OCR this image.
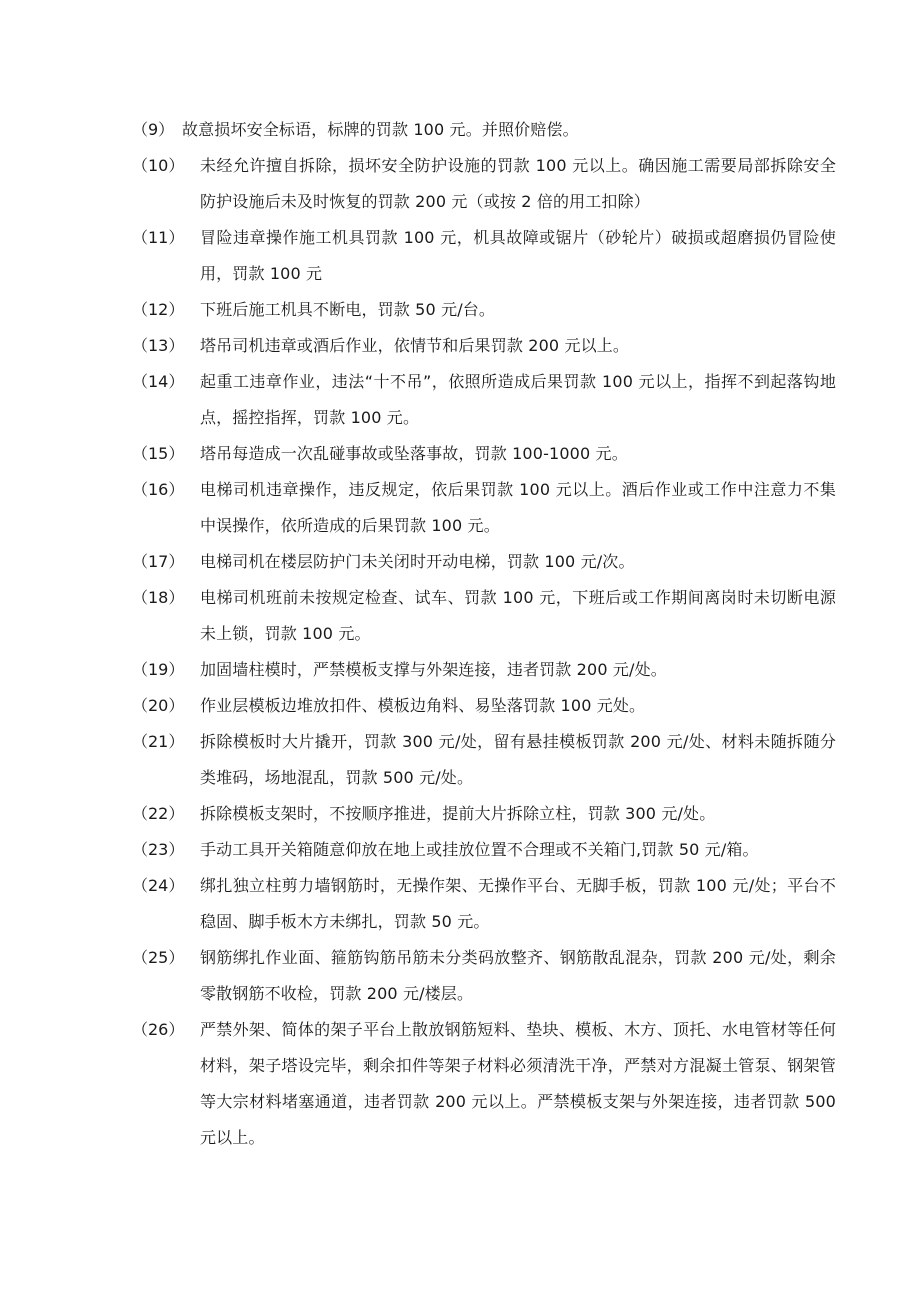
（9） 故意损坏安全标语，标牌的罚款 100 元。并照价赔偿。
（10） 未经允许擅自拆除，损坏安全防护设施的罚款 100 元以上。确因施工需要局部拆除安全防护设施后未及时恢复的罚款 200 元（或按 2 倍的用工扣除）
（11） 冒险违章操作施工机具罚款 100 元，机具故障或锯片（砂轮片）破损或超磨损仍冒险使用，罚款 100 元
（12） 下班后施工机具不断电，罚款 50 元/台。
（13） 塔吊司机违章或酒后作业，依情节和后果罚款 200 元以上。
（14） 起重工违章作业，违法“十不吊”，依照所造成后果罚款 100 元以上，指挥不到起落钩地点，摇控指挥，罚款 100 元。
（15） 塔吊每造成一次乱碰事故或坠落事故，罚款 100-1000 元。
（16） 电梯司机违章操作，违反规定，依后果罚款 100 元以上。酒后作业或工作中注意力不集中误操作，依所造成的后果罚款 100 元。
（17） 电梯司机在楼层防护门未关闭时开动电梯，罚款 100 元/次。
（18） 电梯司机班前未按规定检查、试车、罚款 100 元，下班后或工作期间离岗时未切断电源未上锁，罚款 100 元。
（19） 加固墙柱模时，严禁模板支撑与外架连接，违者罚款 200 元/处。
（20） 作业层模板边堆放扣件、模板边角料、易坠落罚款 100 元处。
（21） 拆除模板时大片撬开，罚款 300 元/处，留有悬挂模板罚款 200 元/处、材料未随拆随分类堆码，场地混乱，罚款 500 元/处。
（22） 拆除模板支架时，不按顺序推进，提前大片拆除立柱，罚款 300 元/处。
（23） 手动工具开关箱随意仰放在地上或挂放位置不合理或不关箱门,罚款 50 元/箱。
（24） 绑扎独立柱剪力墙钢筋时，无操作架、无操作平台、无脚手板，罚款 100 元/处；平台不稳固、脚手板木方未绑扎，罚款 50 元。
（25） 钢筋绑扎作业面、箍筋钩筋吊筋未分类码放整齐、钢筋散乱混杂，罚款 200 元/处，剩余零散钢筋不收检，罚款 200 元/楼层。
（26） 严禁外架、简体的架子平台上散放钢筋短料、垫块、模板、木方、顶托、水电管材等任何材料，架子塔设完毕，剩余扣件等架子材料必须清洗干净，严禁对方混凝土管泵、钢架管等大宗材料堵塞通道，违者罚款 200 元以上。严禁模板支架与外架连接，违者罚款 500 元以上。
